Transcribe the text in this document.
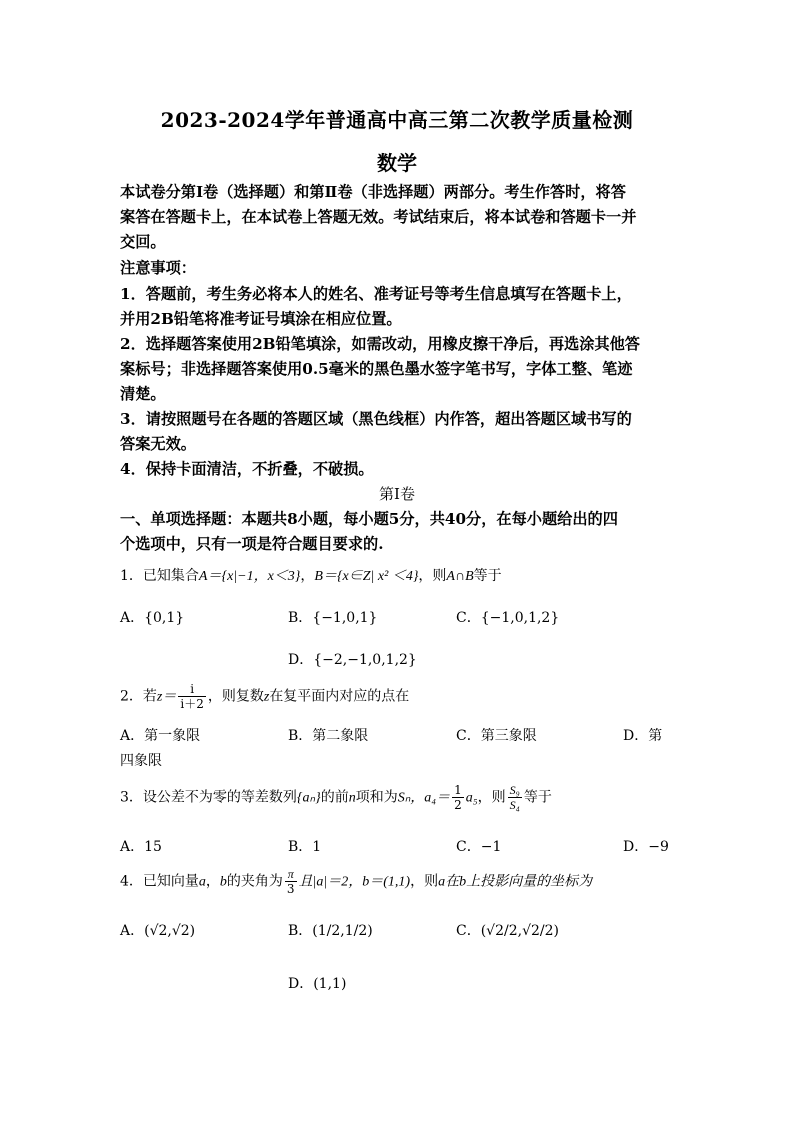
2023-2024学年普通高中高三第二次教学质量检测
数学
本试卷分第Ⅰ卷（选择题）和第Ⅱ卷（非选择题）两部分。考生作答时，将答
案答在答题卡上，在本试卷上答题无效。考试结束后，将本试卷和答题卡一并
交回。
注意事项：
1．答题前，考生务必将本人的姓名、准考证号等考生信息填写在答题卡上，
并用2B铅笔将准考证号填涂在相应位置。
2．选择题答案使用2B铅笔填涂，如需改动，用橡皮擦干净后，再选涂其他答
案标号；非选择题答案使用0.5毫米的黑色墨水签字笔书写，字体工整、笔迹
清楚。
3．请按照题号在各题的答题区域（黑色线框）内作答，超出答题区域书写的
答案无效。
4．保持卡面清洁，不折叠，不破损。
第Ⅰ卷
一、单项选择题：本题共8小题，每小题5分，共40分，在每小题给出的四
个选项中，只有一项是符合题目要求的.
1．已知集合A＝{x|−1，x＜3}，B＝{x∈Z| x² ＜4}，则A∩B等于
A．{0,1}	B．{−1,0,1}	C．{−1,0,1,2}
D．{−2,−1,0,1,2}
2．若$z= \frac{i}{i+2}$ ，则复数z在复平面内对应的点在
A．第一象限	B．第二象限	C．第三象限	D．第
四象限
3．设公差不为零的等差数列{aₙ}的前n项和为Sₙ，$a_4= \frac{1}{2} a_5$，则 $\frac{\text{S₉}}{\text{S₄}}$ 等于
A．15	B．1	C．−1	D．−9
4．已知向量a，b的夹角为 $\frac{\pi}{3}$ 且|a|＝2，b＝(1,1)，则a在b上投影向量的坐标为
A．(√2,√2)	B．(1/2,1/2)	C．(√2/2,√2/2)
D．(1,1)
